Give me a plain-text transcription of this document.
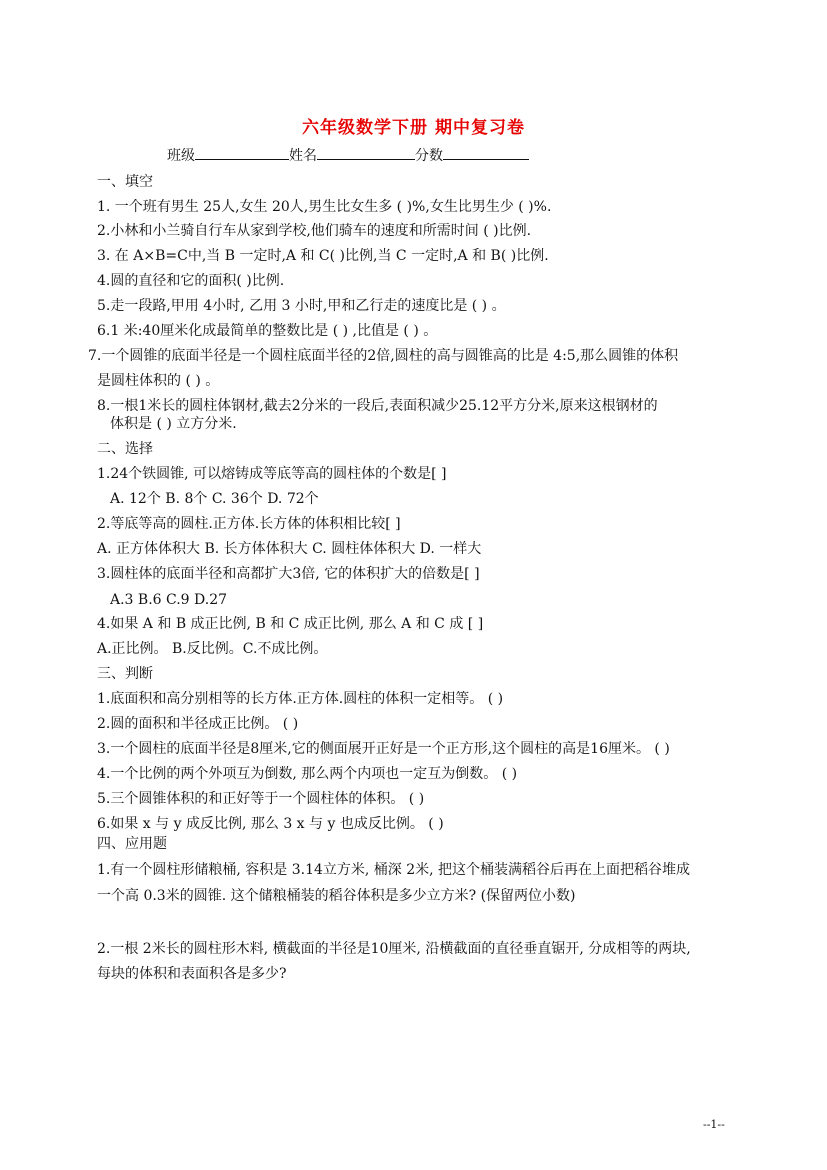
六年级数学下册 期中复习卷
班级	姓名	分数
一、填空
1. 一个班有男生 25人,女生 20人,男生比女生多 ( )%,女生比男生少 ( )%.
2.小林和小兰骑自行车从家到学校,他们骑车的速度和所需时间 ( )比例.
3. 在 A×B=C中,当 B 一定时,A 和 C( )比例,当 C 一定时,A 和 B( )比例.
4.圆的直径和它的面积( )比例.
5.走一段路,甲用 4小时, 乙用 3 小时,甲和乙行走的速度比是 ( ) 。
6.1 米:40厘米化成最简单的整数比是 ( ) ,比值是 ( ) 。
7.一个圆锥的底面半径是一个圆柱底面半径的2倍,圆柱的高与圆锥高的比是 4:5,那么圆锥的体积
是圆柱体积的 ( ) 。
8.一根1米长的圆柱体钢材,截去2分米的一段后,表面积减少25.12平方分米,原来这根钢材的
体积是 ( ) 立方分米.
二、选择
1.24个铁圆锥, 可以熔铸成等底等高的圆柱体的个数是[ ]
A. 12个 B. 8个 C. 36个 D. 72个
2.等底等高的圆柱.正方体.长方体的体积相比较[ ]
A. 正方体体积大 B. 长方体体积大 C. 圆柱体体积大 D. 一样大
3.圆柱体的底面半径和高都扩大3倍, 它的体积扩大的倍数是[ ]
A.3 B.6 C.9 D.27
4.如果 A 和 B 成正比例, B 和 C 成正比例, 那么 A 和 C 成 [ ]
A.正比例。 B.反比例。C.不成比例。
三、判断
1.底面积和高分别相等的长方体.正方体.圆柱的体积一定相等。 ( )
2.圆的面积和半径成正比例。 ( )
3.一个圆柱的底面半径是8厘米,它的侧面展开正好是一个正方形,这个圆柱的高是16厘米。 ( )
4.一个比例的两个外项互为倒数, 那么两个内项也一定互为倒数。 ( )
5.三个圆锥体积的和正好等于一个圆柱体的体积。 ( )
6.如果 x 与 y 成反比例, 那么 3 x 与 y 也成反比例。 ( )
四、应用题
1.有一个圆柱形储粮桶, 容积是 3.14立方米, 桶深 2米, 把这个桶装满稻谷后再在上面把稻谷堆成
一个高 0.3米的圆锥. 这个储粮桶装的稻谷体积是多少立方米? (保留两位小数)
2.一根 2米长的圆柱形木料, 横截面的半径是10厘米, 沿横截面的直径垂直锯开, 分成相等的两块,
每块的体积和表面积各是多少?
--1--
